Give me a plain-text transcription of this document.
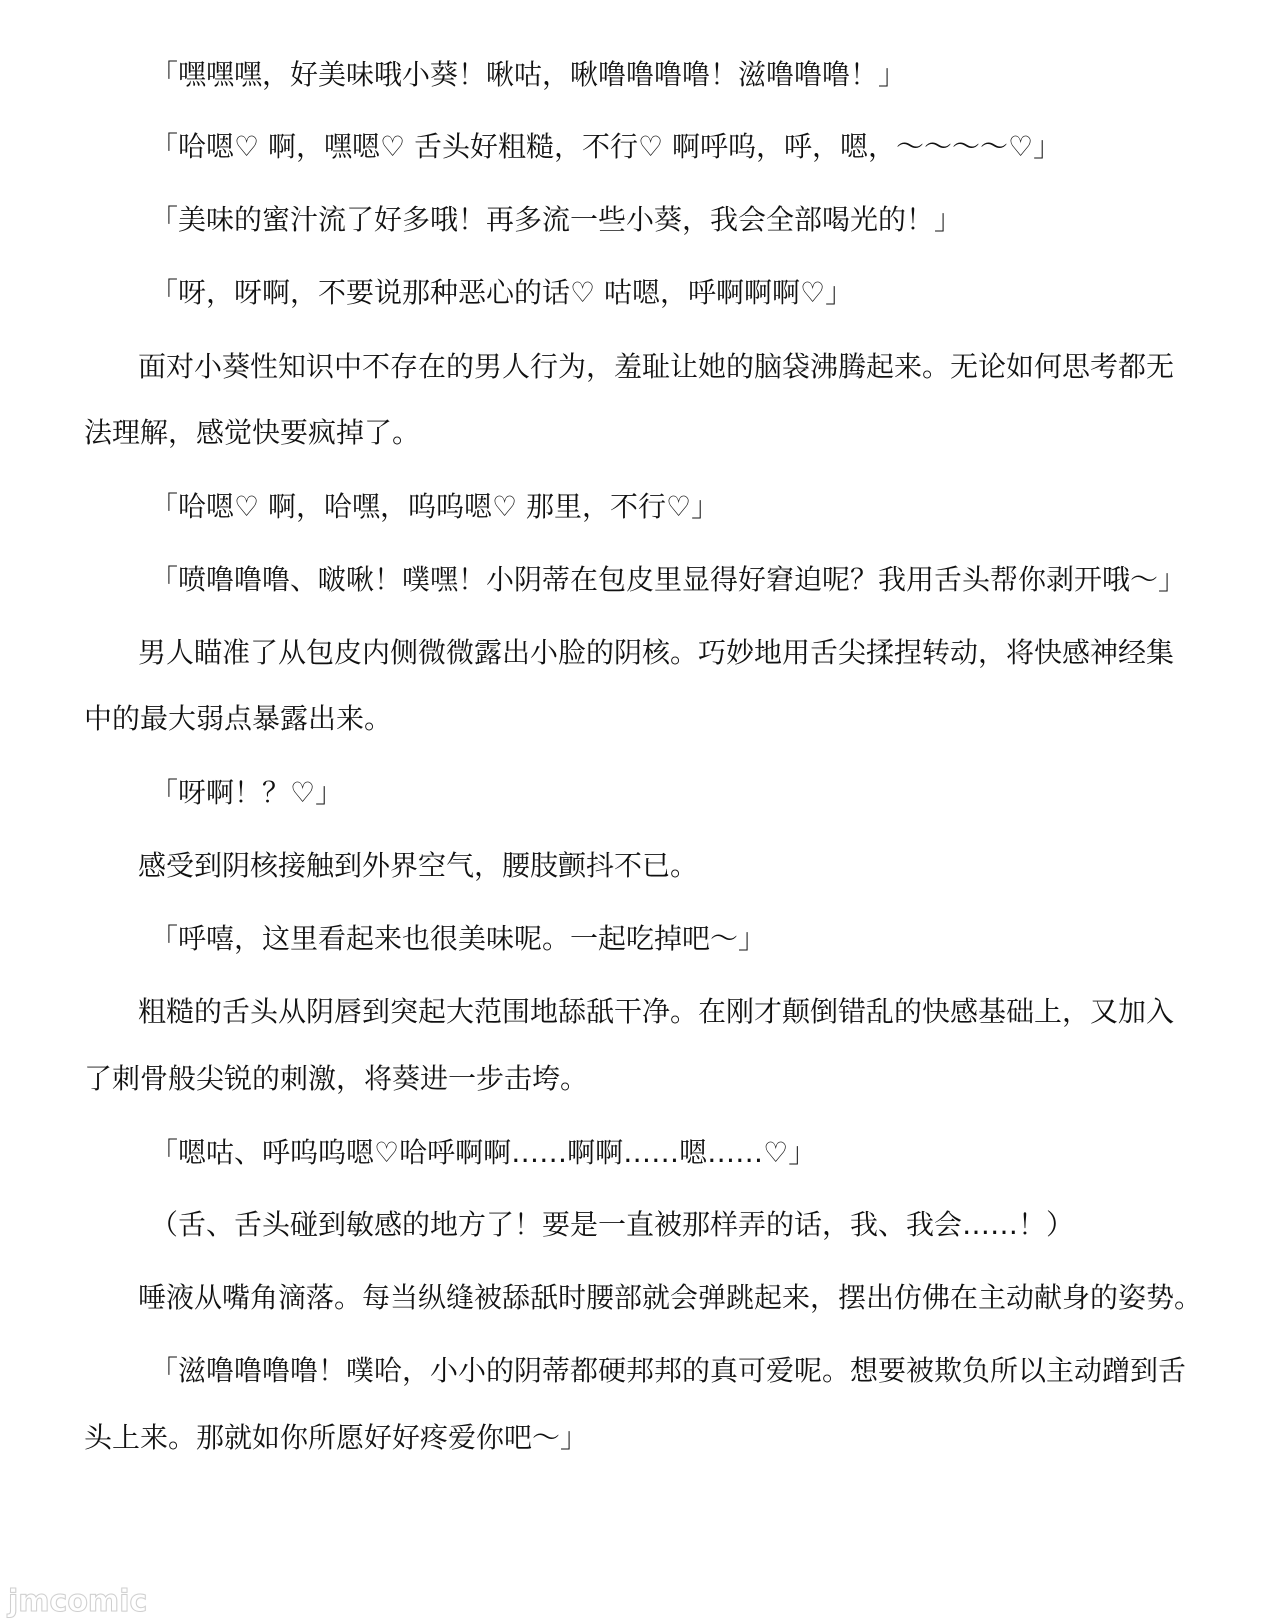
「嘿嘿嘿，好美味哦小葵！啾咕，啾噜噜噜噜！滋噜噜噜！」
「哈嗯♡ 啊，嘿嗯♡ 舌头好粗糙，不行♡ 啊呼呜，呼，嗯，～～～～♡」
「美味的蜜汁流了好多哦！再多流一些小葵，我会全部喝光的！」
「呀，呀啊，不要说那种恶心的话♡ 咕嗯，呼啊啊啊♡」
面对小葵性知识中不存在的男人行为，羞耻让她的脑袋沸腾起来。无论如何思考都无
法理解，感觉快要疯掉了。
「哈嗯♡ 啊，哈嘿，呜呜嗯♡ 那里，不行♡」
「喷噜噜噜、啵啾！噗嘿！小阴蒂在包皮里显得好窘迫呢？我用舌头帮你剥开哦～」
男人瞄准了从包皮内侧微微露出小脸的阴核。巧妙地用舌尖揉捏转动，将快感神经集
中的最大弱点暴露出来。
「呀啊！？♡」
感受到阴核接触到外界空气，腰肢颤抖不已。
「呼嘻，这里看起来也很美味呢。一起吃掉吧～」
粗糙的舌头从阴唇到突起大范围地舔舐干净。在刚才颠倒错乱的快感基础上，又加入
了刺骨般尖锐的刺激，将葵进一步击垮。
「嗯咕、呼呜呜嗯♡哈呼啊啊……啊啊……嗯……♡」
（舌、舌头碰到敏感的地方了！要是一直被那样弄的话，我、我会……！）
唾液从嘴角滴落。每当纵缝被舔舐时腰部就会弹跳起来，摆出仿佛在主动献身的姿势。
「滋噜噜噜噜！噗哈，小小的阴蒂都硬邦邦的真可爱呢。想要被欺负所以主动蹭到舌
头上来。那就如你所愿好好疼爱你吧～」
jmcomic
